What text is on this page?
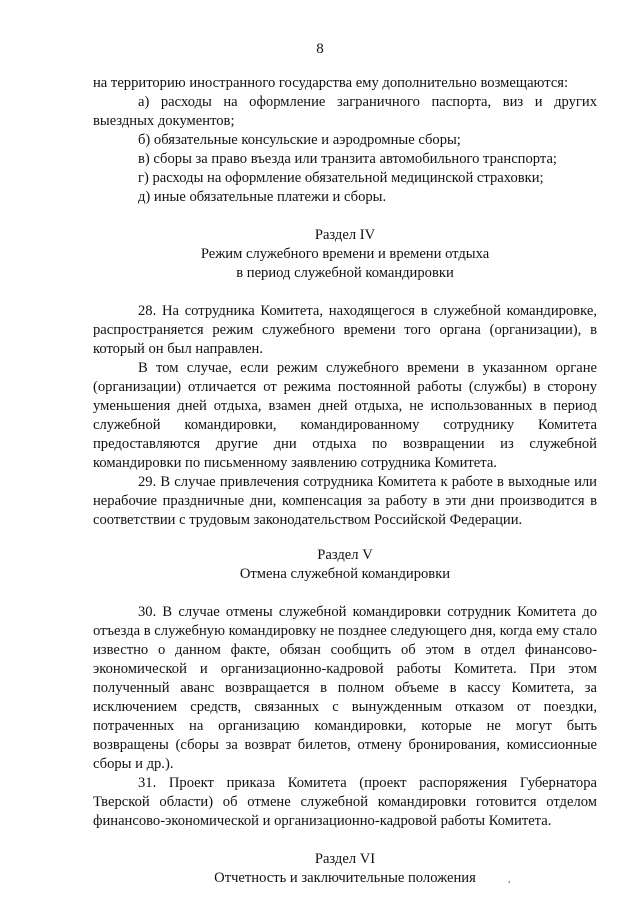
8

на территорию иностранного государства ему дополнительно возмещаются:

а) расходы на оформление заграничного паспорта, виз и других выездных документов;

б) обязательные консульские и аэродромные сборы;

в) сборы за право въезда или транзита автомобильного транспорта;

г) расходы на оформление обязательной медицинской страховки;

д) иные обязательные платежи и сборы.

Раздел IV

Режим служебного времени и времени отдыха

в период служебной командировки

28. На сотрудника Комитета, находящегося в служебной командировке, распространяется режим служебного времени того органа (организации), в который он был направлен.

В том случае, если режим служебного времени в указанном органе (организации) отличается от режима постоянной работы (службы) в сторону уменьшения дней отдыха, взамен дней отдыха, не использованных в период служебной командировки, командированному сотруднику Комитета предоставляются другие дни отдыха по возвращении из служебной командировки по письменному заявлению сотрудника Комитета.

29. В случае привлечения сотрудника Комитета к работе в выходные или нерабочие праздничные дни, компенсация за работу в эти дни производится в соответствии с трудовым законодательством Российской Федерации.

Раздел V

Отмена служебной командировки

30. В случае отмены служебной командировки сотрудник Комитета до отъезда в служебную командировку не позднее следующего дня, когда ему стало известно о данном факте, обязан сообщить об этом в отдел финансово-экономической и организационно-кадровой работы Комитета. При этом полученный аванс возвращается в полном объеме в кассу Комитета, за исключением средств, связанных с вынужденным отказом от поездки, потраченных на организацию командировки, которые не могут быть возвращены (сборы за возврат билетов, отмену бронирования, комиссионные сборы и др.).

31. Проект приказа Комитета (проект распоряжения Губернатора Тверской области) об отмене служебной командировки готовится отделом финансово-экономической и организационно-кадровой работы Комитета.

Раздел VI

Отчетность и заключительные положения	,
